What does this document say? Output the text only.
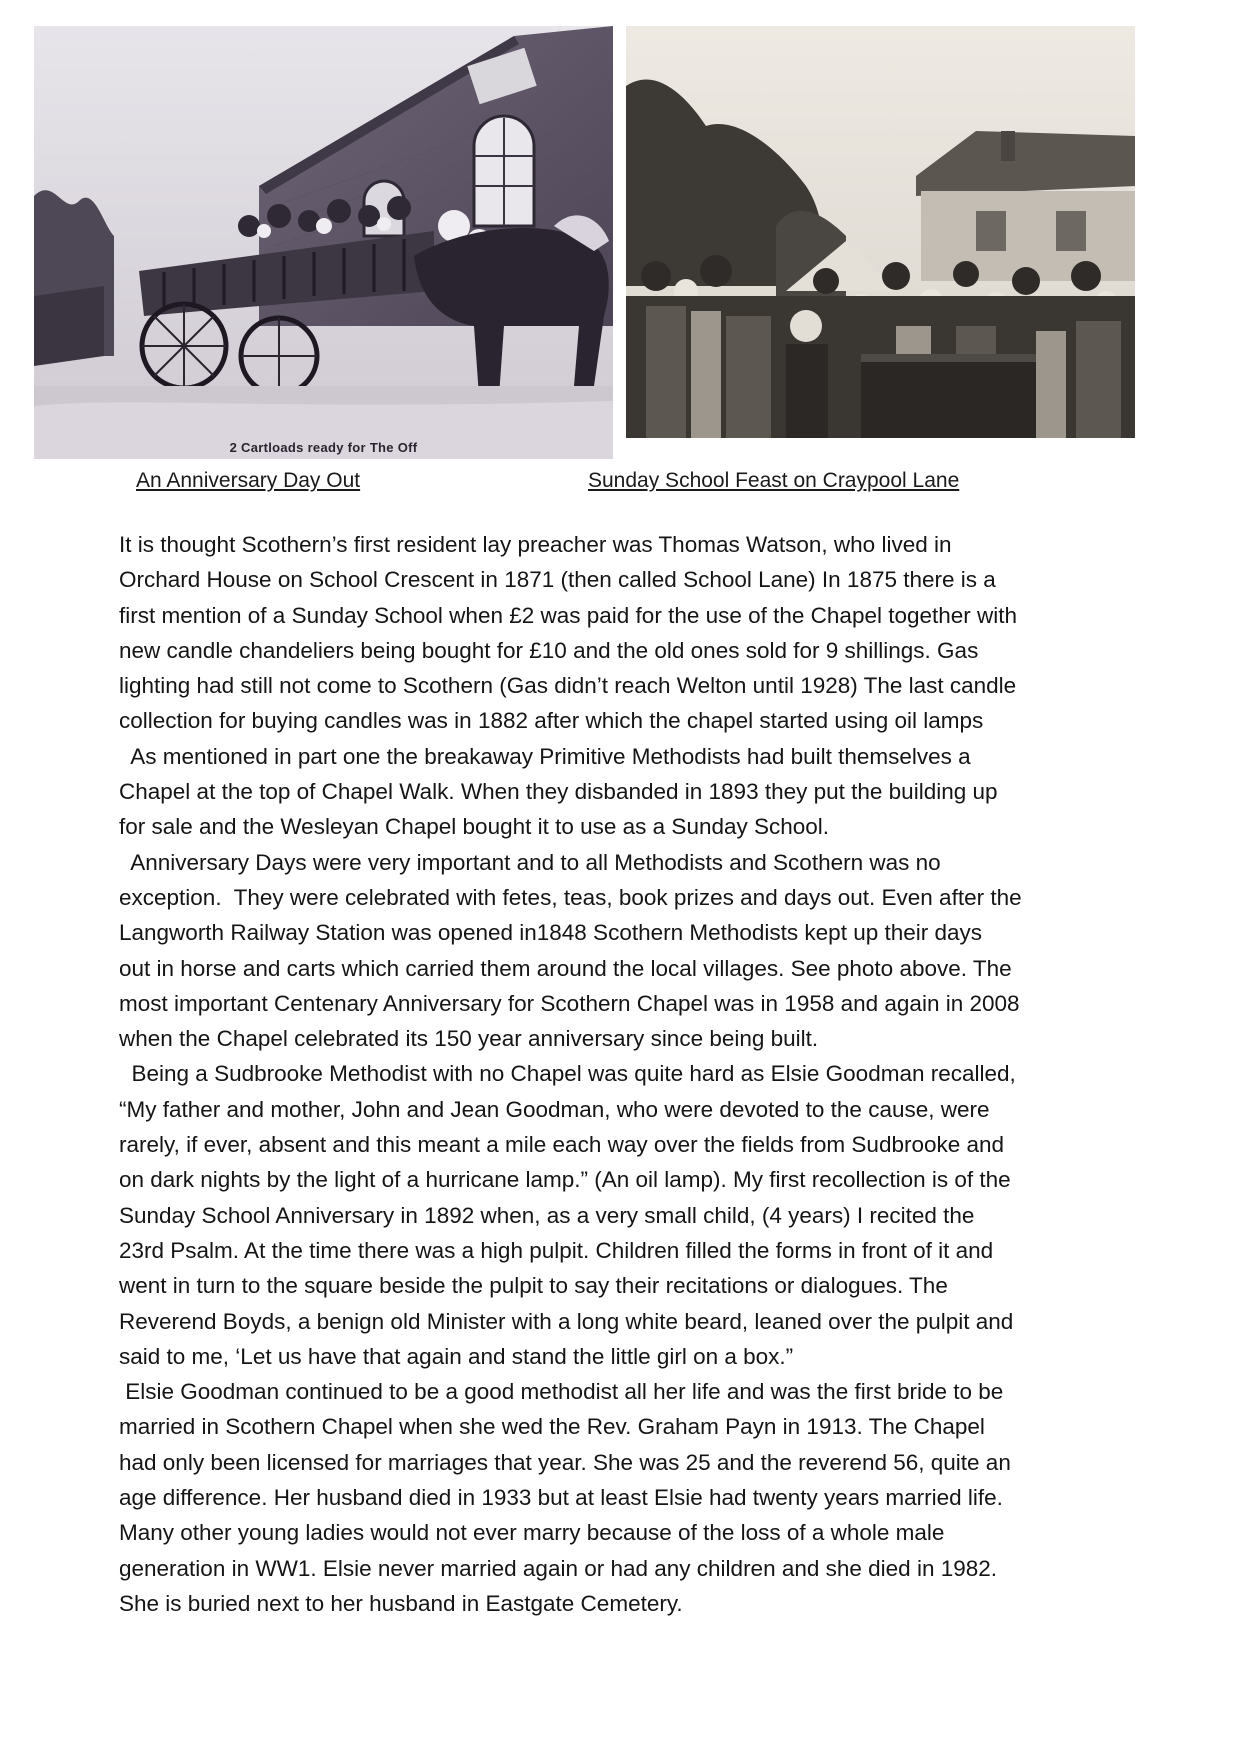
2 Cartloads ready for The Off
An Anniversary Day Out	Sunday School Feast on Craypool Lane
It is thought Scothern’s first resident lay preacher was Thomas Watson, who lived in
Orchard House on School Crescent in 1871 (then called School Lane) In 1875 there is a
first mention of a Sunday School when £2 was paid for the use of the Chapel together with
new candle chandeliers being bought for £10 and the old ones sold for 9 shillings. Gas
lighting had still not come to Scothern (Gas didn’t reach Welton until 1928) The last candle
collection for buying candles was in 1882 after which the chapel started using oil lamps
As mentioned in part one the breakaway Primitive Methodists had built themselves a
Chapel at the top of Chapel Walk. When they disbanded in 1893 they put the building up
for sale and the Wesleyan Chapel bought it to use as a Sunday School.
Anniversary Days were very important and to all Methodists and Scothern was no
exception.  They were celebrated with fetes, teas, book prizes and days out. Even after the
Langworth Railway Station was opened in1848 Scothern Methodists kept up their days
out in horse and carts which carried them around the local villages. See photo above. The
most important Centenary Anniversary for Scothern Chapel was in 1958 and again in 2008
when the Chapel celebrated its 150 year anniversary since being built.
Being a Sudbrooke Methodist with no Chapel was quite hard as Elsie Goodman recalled,
“My father and mother, John and Jean Goodman, who were devoted to the cause, were
rarely, if ever, absent and this meant a mile each way over the fields from Sudbrooke and
on dark nights by the light of a hurricane lamp.” (An oil lamp). My first recollection is of the
Sunday School Anniversary in 1892 when, as a very small child, (4 years) I recited the
23rd Psalm. At the time there was a high pulpit. Children filled the forms in front of it and
went in turn to the square beside the pulpit to say their recitations or dialogues. The
Reverend Boyds, a benign old Minister with a long white beard, leaned over the pulpit and
said to me, ‘Let us have that again and stand the little girl on a box.”
Elsie Goodman continued to be a good methodist all her life and was the first bride to be
married in Scothern Chapel when she wed the Rev. Graham Payn in 1913. The Chapel
had only been licensed for marriages that year. She was 25 and the reverend 56, quite an
age difference. Her husband died in 1933 but at least Elsie had twenty years married life.
Many other young ladies would not ever marry because of the loss of a whole male
generation in WW1. Elsie never married again or had any children and she died in 1982.
She is buried next to her husband in Eastgate Cemetery.
